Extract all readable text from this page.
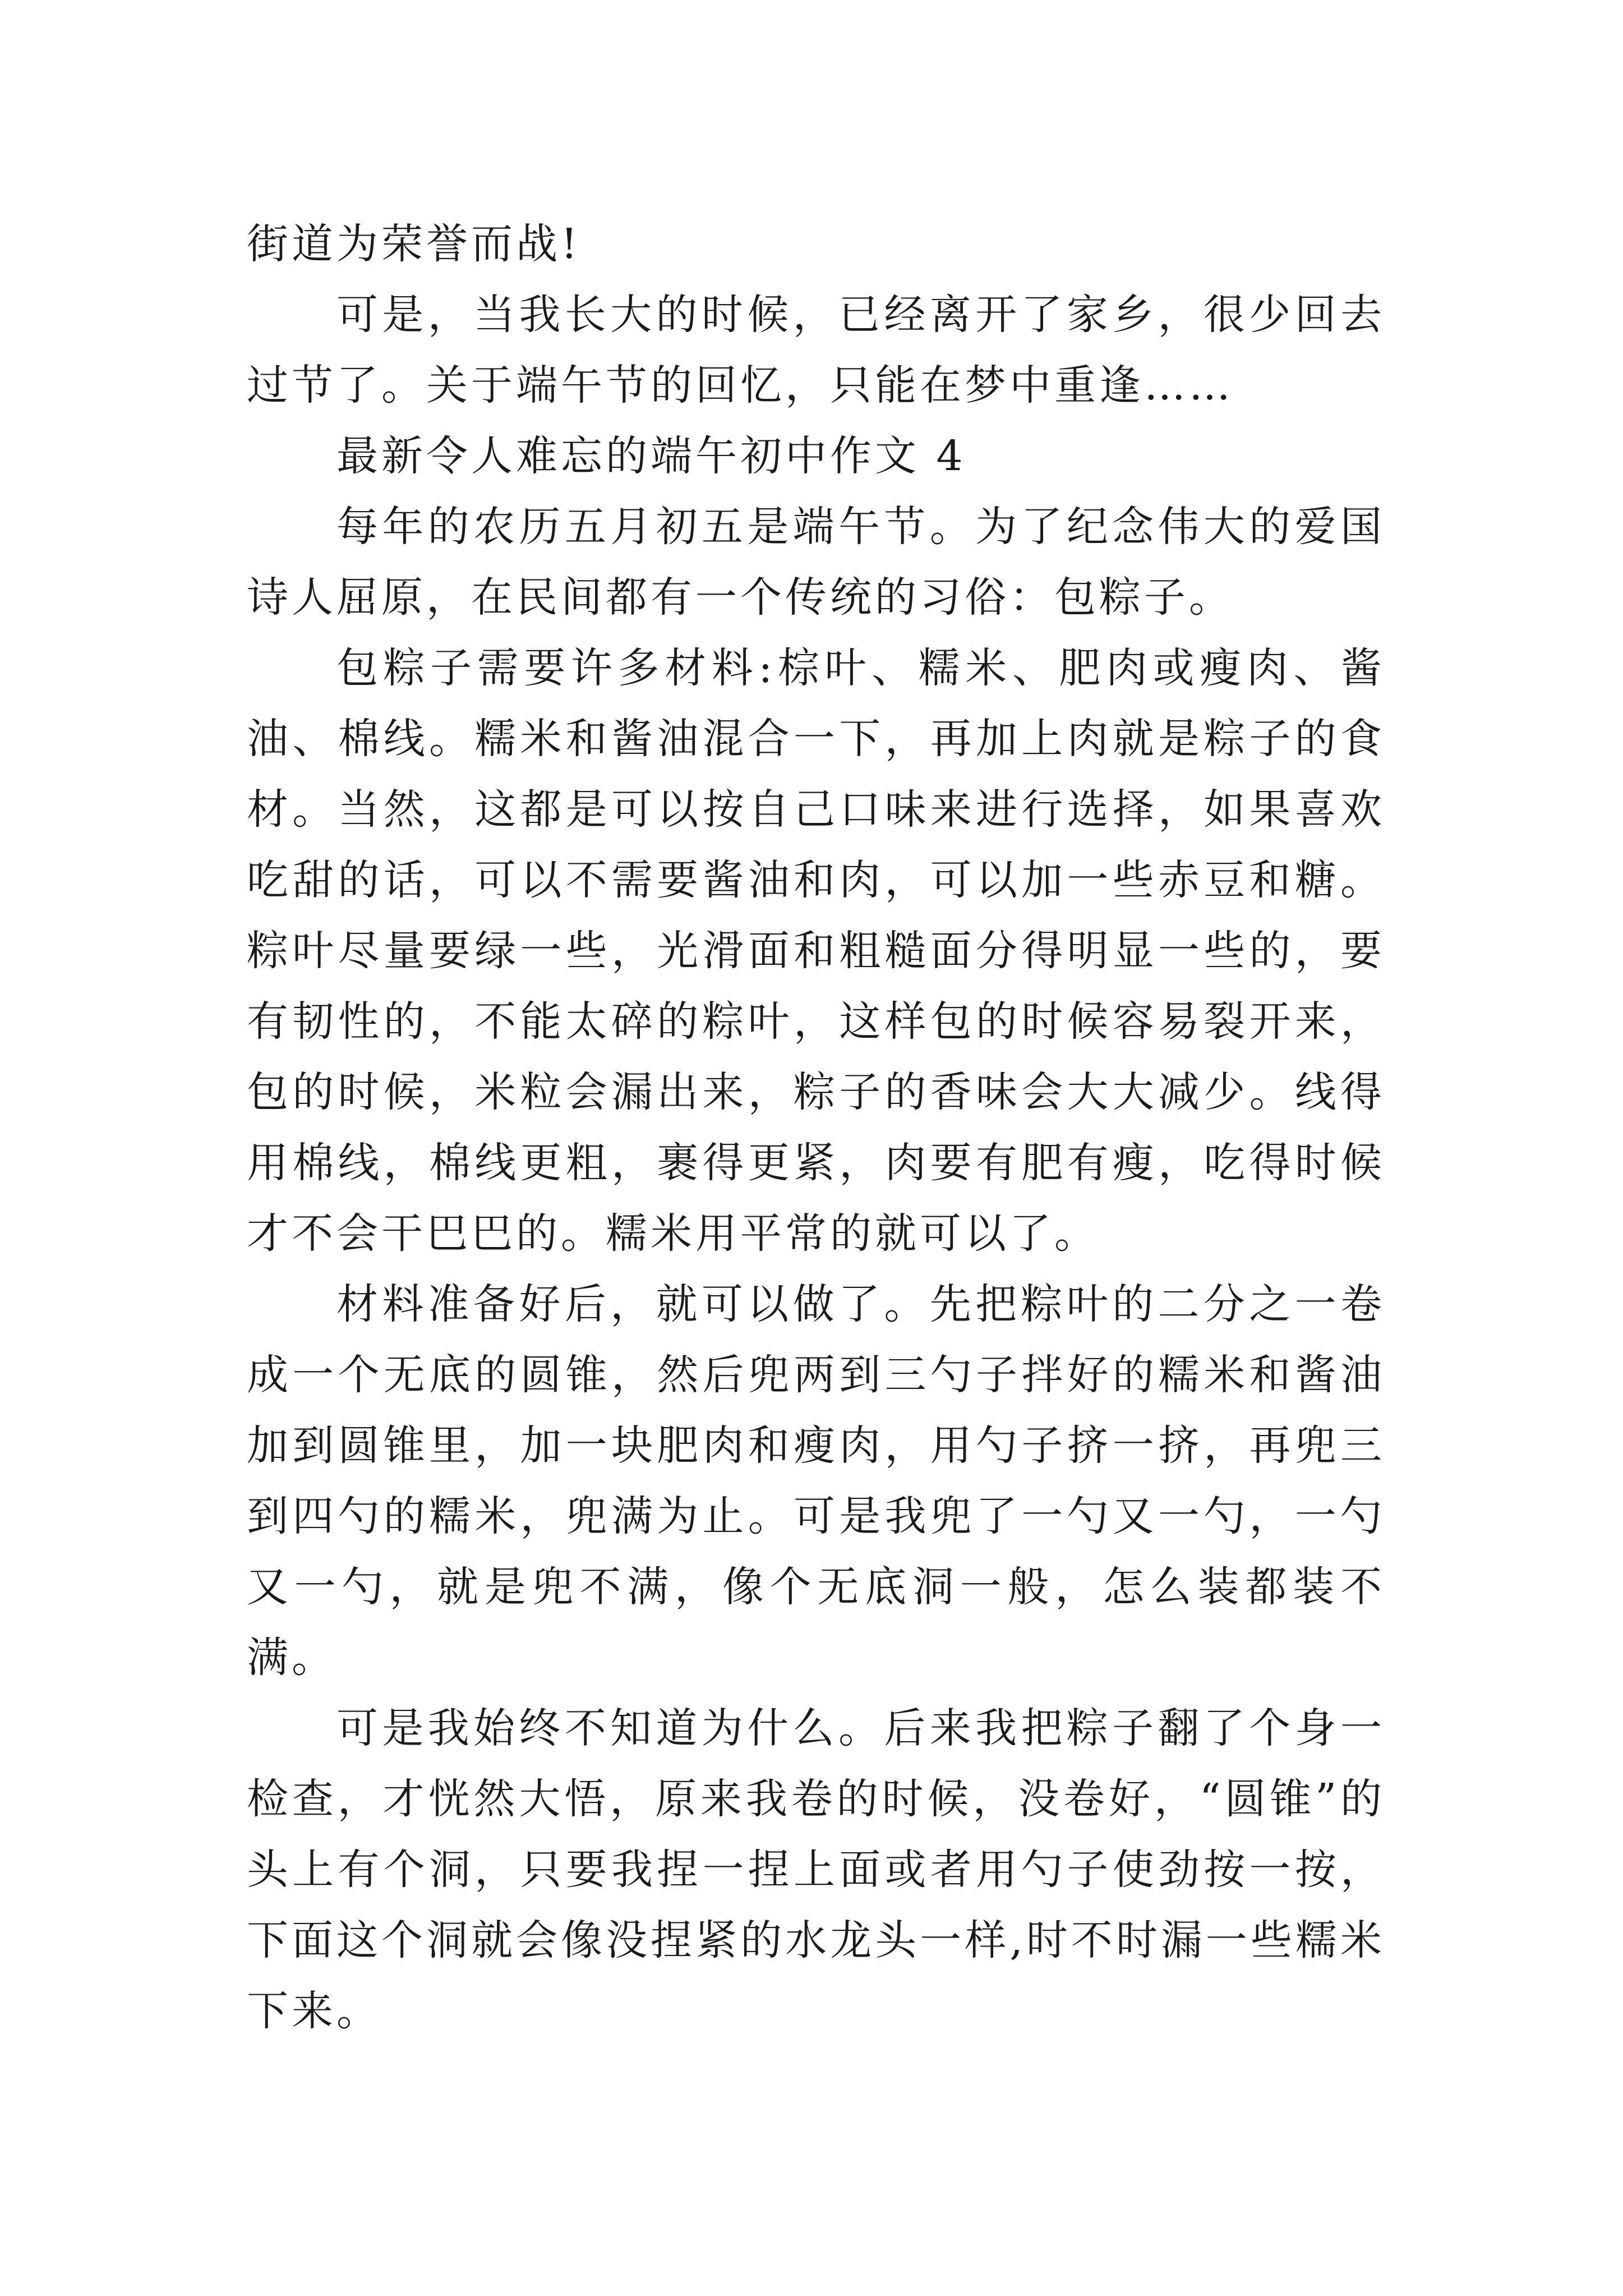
街道为荣誉而战!

可是，当我长大的时候，已经离开了家乡，很少回去过节了。关于端午节的回忆，只能在梦中重逢……

最新令人难忘的端午初中作文 4

每年的农历五月初五是端午节。为了纪念伟大的爱国诗人屈原，在民间都有一个传统的习俗：包粽子。

包粽子需要许多材料:棕叶、糯米、肥肉或瘦肉、酱油、棉线。糯米和酱油混合一下，再加上肉就是粽子的食材。当然，这都是可以按自己口味来进行选择，如果喜欢吃甜的话，可以不需要酱油和肉，可以加一些赤豆和糖。粽叶尽量要绿一些，光滑面和粗糙面分得明显一些的，要有韧性的，不能太碎的粽叶，这样包的时候容易裂开来，包的时候，米粒会漏出来，粽子的香味会大大减少。线得用棉线，棉线更粗，裹得更紧，肉要有肥有瘦，吃得时候才不会干巴巴的。糯米用平常的就可以了。

材料准备好后，就可以做了。先把粽叶的二分之一卷成一个无底的圆锥，然后兜两到三勺子拌好的糯米和酱油加到圆锥里，加一块肥肉和瘦肉，用勺子挤一挤，再兜三到四勺的糯米，兜满为止。可是我兜了一勺又一勺，一勺又一勺，就是兜不满，像个无底洞一般，怎么装都装不满。

可是我始终不知道为什么。后来我把粽子翻了个身一检查，才恍然大悟，原来我卷的时候，没卷好，“圆锥”的头上有个洞，只要我捏一捏上面或者用勺子使劲按一按，下面这个洞就会像没捏紧的水龙头一样,时不时漏一些糯米下来。
